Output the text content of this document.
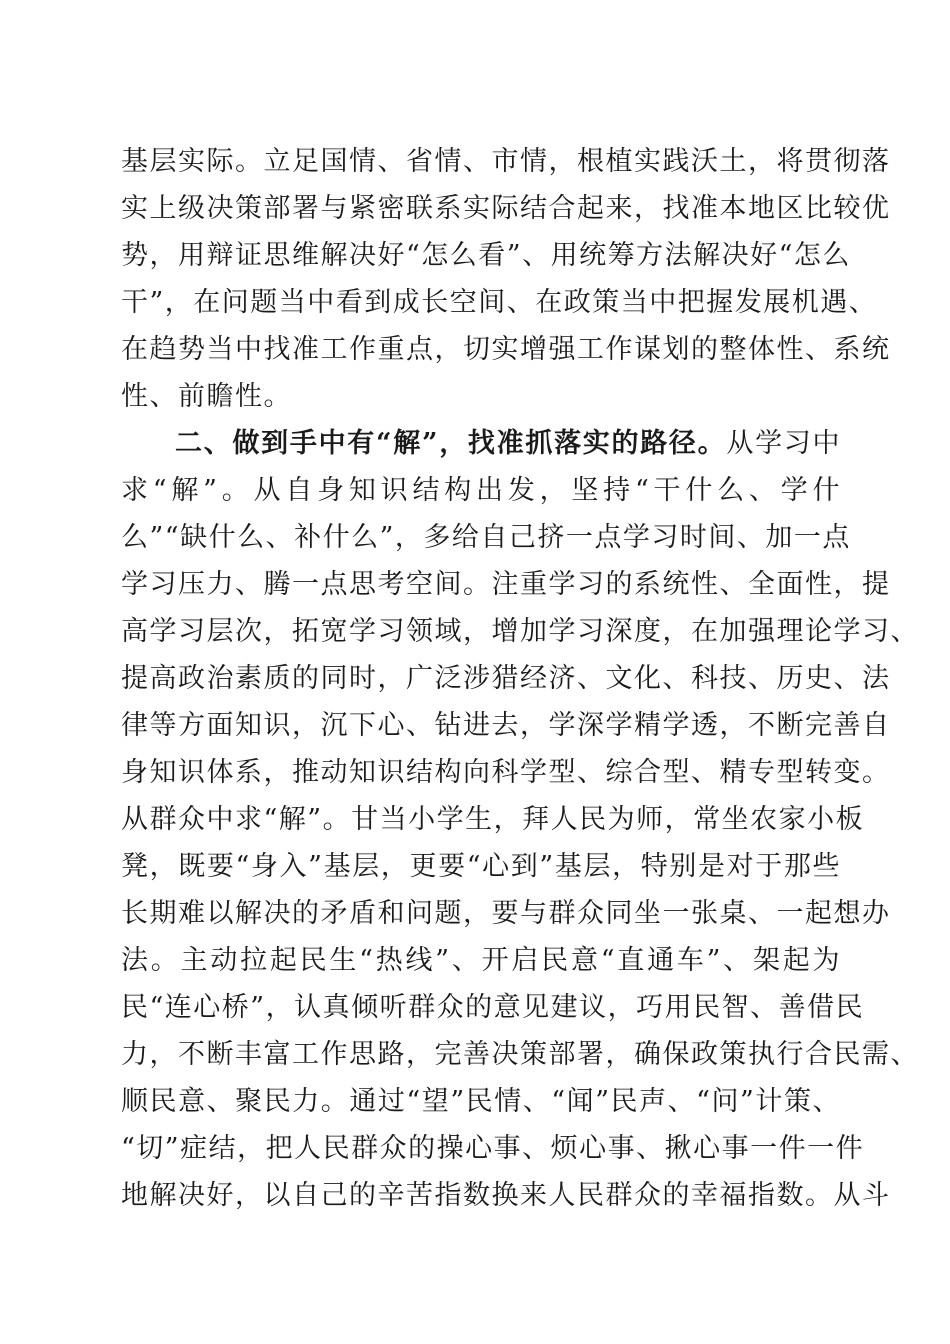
基层实际。立足国情、省情、市情，根植实践沃土，将贯彻落
实上级决策部署与紧密联系实际结合起来，找准本地区比较优
势，用辩证思维解决好“怎么看”、用统筹方法解决好“怎么
干”，在问题当中看到成长空间、在政策当中把握发展机遇、
在趋势当中找准工作重点，切实增强工作谋划的整体性、系统
性、前瞻性。
二、做到手中有“解”，找准抓落实的路径。从学习中
求“解”。从自身知识结构出发，坚持“干什么、学什
么”“缺什么、补什么”，多给自己挤一点学习时间、加一点
学习压力、腾一点思考空间。注重学习的系统性、全面性，提
高学习层次，拓宽学习领域，增加学习深度，在加强理论学习、
提高政治素质的同时，广泛涉猎经济、文化、科技、历史、法
律等方面知识，沉下心、钻进去，学深学精学透，不断完善自
身知识体系，推动知识结构向科学型、综合型、精专型转变。
从群众中求“解”。甘当小学生，拜人民为师，常坐农家小板
凳，既要“身入”基层，更要“心到”基层，特别是对于那些
长期难以解决的矛盾和问题，要与群众同坐一张桌、一起想办
法。主动拉起民生“热线”、开启民意“直通车”、架起为
民“连心桥”，认真倾听群众的意见建议，巧用民智、善借民
力，不断丰富工作思路，完善决策部署，确保政策执行合民需、
顺民意、聚民力。通过“望”民情、“闻”民声、“问”计策、
“切”症结，把人民群众的操心事、烦心事、揪心事一件一件
地解决好，以自己的辛苦指数换来人民群众的幸福指数。从斗
